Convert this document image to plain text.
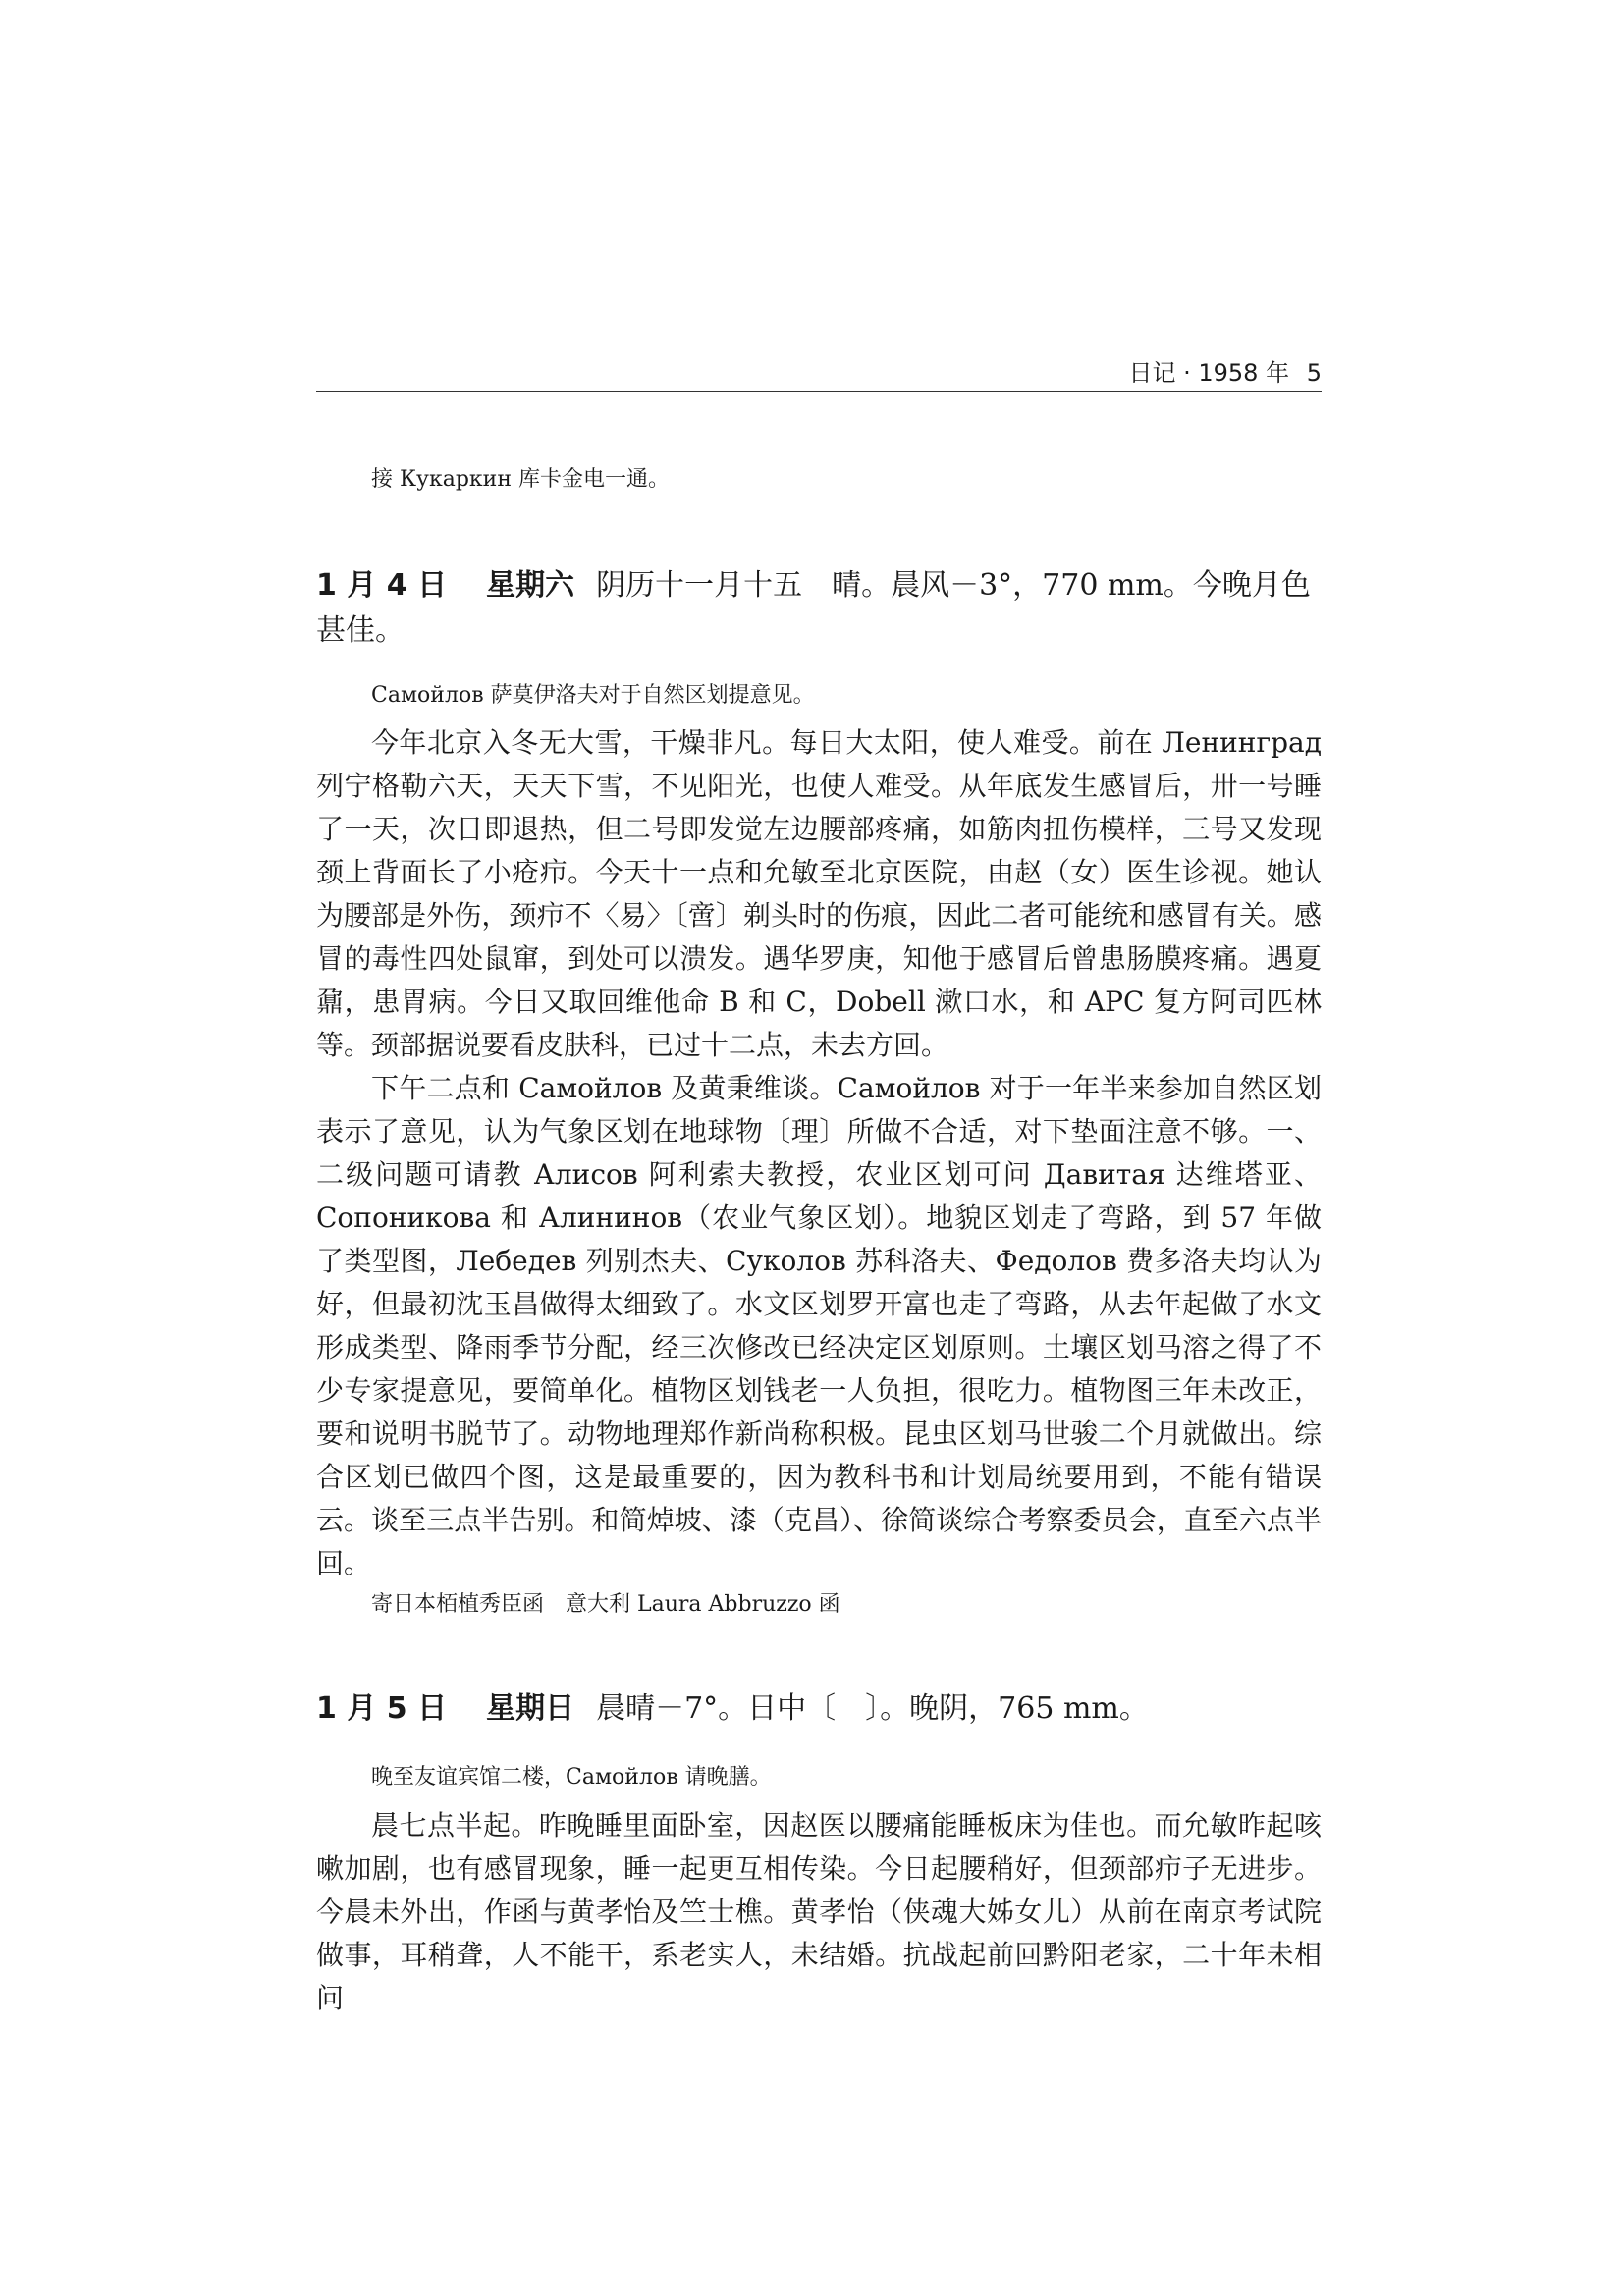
日记 · 1958 年 5
接 Кукаркин 库卡金电一通。
1 月 4 日 星期六 阴历十一月十五　晴。晨风－3°，770 mm。今晚月色甚佳。
Самойлов 萨莫伊洛夫对于自然区划提意见。

今年北京入冬无大雪，干燥非凡。每日大太阳，使人难受。前在 Ленинград 列宁格勒六天，天天下雪，不见阳光，也使人难受。从年底发生感冒后，卅一号睡了一天，次日即退热，但二号即发觉左边腰部疼痛，如筋肉扭伤模样，三号又发现颈上背面长了小疮疖。今天十一点和允敏至北京医院，由赵（女）医生诊视。她认为腰部是外伤，颈疖不〈易〉〔啻〕剃头时的伤痕，因此二者可能统和感冒有关。感冒的毒性四处鼠窜，到处可以溃发。遇华罗庚，知他于感冒后曾患肠膜疼痛。遇夏鼐，患胃病。今日又取回维他命 B 和 C，Dobell 漱口水，和 APC 复方阿司匹林等。颈部据说要看皮肤科，已过十二点，未去方回。

下午二点和 Самойлов 及黄秉维谈。Самойлов 对于一年半来参加自然区划表示了意见，认为气象区划在地球物〔理〕所做不合适，对下垫面注意不够。一、二级问题可请教 Алисов 阿利索夫教授，农业区划可问 Давитая 达维塔亚、Сопоникова 和 Алининов（农业气象区划）。地貌区划走了弯路，到 57 年做了类型图，Лебедев 列别杰夫、Суколов 苏科洛夫、Федолов 费多洛夫均认为好，但最初沈玉昌做得太细致了。水文区划罗开富也走了弯路，从去年起做了水文形成类型、降雨季节分配，经三次修改已经决定区划原则。土壤区划马溶之得了不少专家提意见，要简单化。植物区划钱老一人负担，很吃力。植物图三年未改正，要和说明书脱节了。动物地理郑作新尚称积极。昆虫区划马世骏二个月就做出。综合区划已做四个图，这是最重要的，因为教科书和计划局统要用到，不能有错误云。谈至三点半告别。和简焯坡、漆（克昌）、徐简谈综合考察委员会，直至六点半回。

寄日本栢植秀臣函　意大利 Laura Abbruzzo 函
1 月 5 日 星期日 晨晴－7°。日中〔　〕。晚阴，765 mm。
晚至友谊宾馆二楼，Самойлов 请晚膳。

晨七点半起。昨晚睡里面卧室，因赵医以腰痛能睡板床为佳也。而允敏昨起咳嗽加剧，也有感冒现象，睡一起更互相传染。今日起腰稍好，但颈部疖子无进步。今晨未外出，作函与黄孝怡及竺士樵。黄孝怡（侠魂大姊女儿）从前在南京考试院做事，耳稍聋，人不能干，系老实人，未结婚。抗战起前回黔阳老家，二十年未相问
